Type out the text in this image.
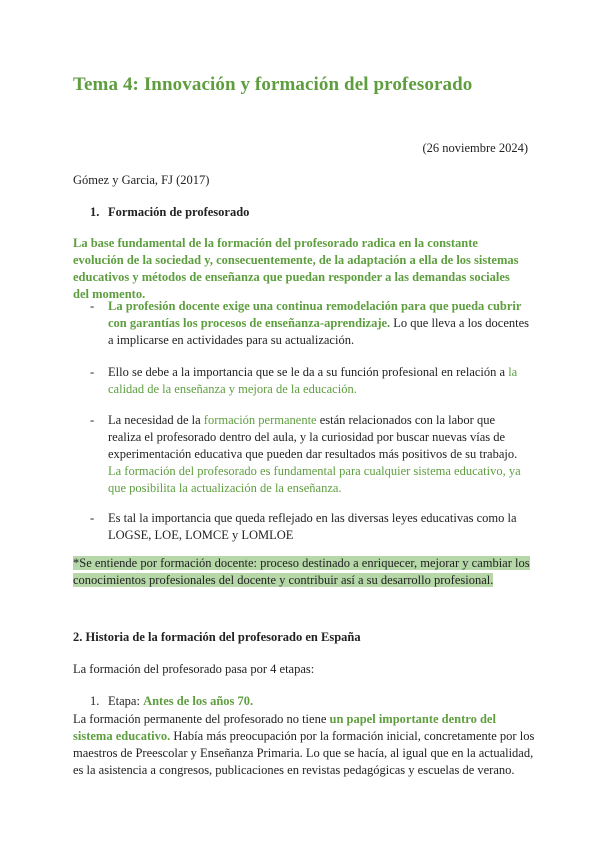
Tema 4: Innovación y formación del profesorado

(26 noviembre 2024)

Gómez y Garcia, FJ (2017)

1. Formación de profesorado

La base fundamental de la formación del profesorado radica en la constante evolución de la sociedad y, consecuentemente, de la adaptación a ella de los sistemas educativos y métodos de enseñanza que puedan responder a las demandas sociales del momento.

- La profesión docente exige una continua remodelación para que pueda cubrir con garantías los procesos de enseñanza-aprendizaje. Lo que lleva a los docentes a implicarse en actividades para su actualización.
- Ello se debe a la importancia que se le da a su función profesional en relación a la calidad de la enseñanza y mejora de la educación.
- La necesidad de la formación permanente están relacionados con la labor que realiza el profesorado dentro del aula, y la curiosidad por buscar nuevas vías de experimentación educativa que pueden dar resultados más positivos de su trabajo. La formación del profesorado es fundamental para cualquier sistema educativo, ya que posibilita la actualización de la enseñanza.
- Es tal la importancia que queda reflejado en las diversas leyes educativas como la LOGSE, LOE, LOMCE y LOMLOE

*Se entiende por formación docente: proceso destinado a enriquecer, mejorar y cambiar los conocimientos profesionales del docente y contribuir así a su desarrollo profesional.

2. Historia de la formación del profesorado en España

La formación del profesorado pasa por 4 etapas:

1. Etapa: Antes de los años 70.

La formación permanente del profesorado no tiene un papel importante dentro del sistema educativo. Había más preocupación por la formación inicial, concretamente por los maestros de Preescolar y Enseñanza Primaria. Lo que se hacía, al igual que en la actualidad, es la asistencia a congresos, publicaciones en revistas pedagógicas y escuelas de verano.
